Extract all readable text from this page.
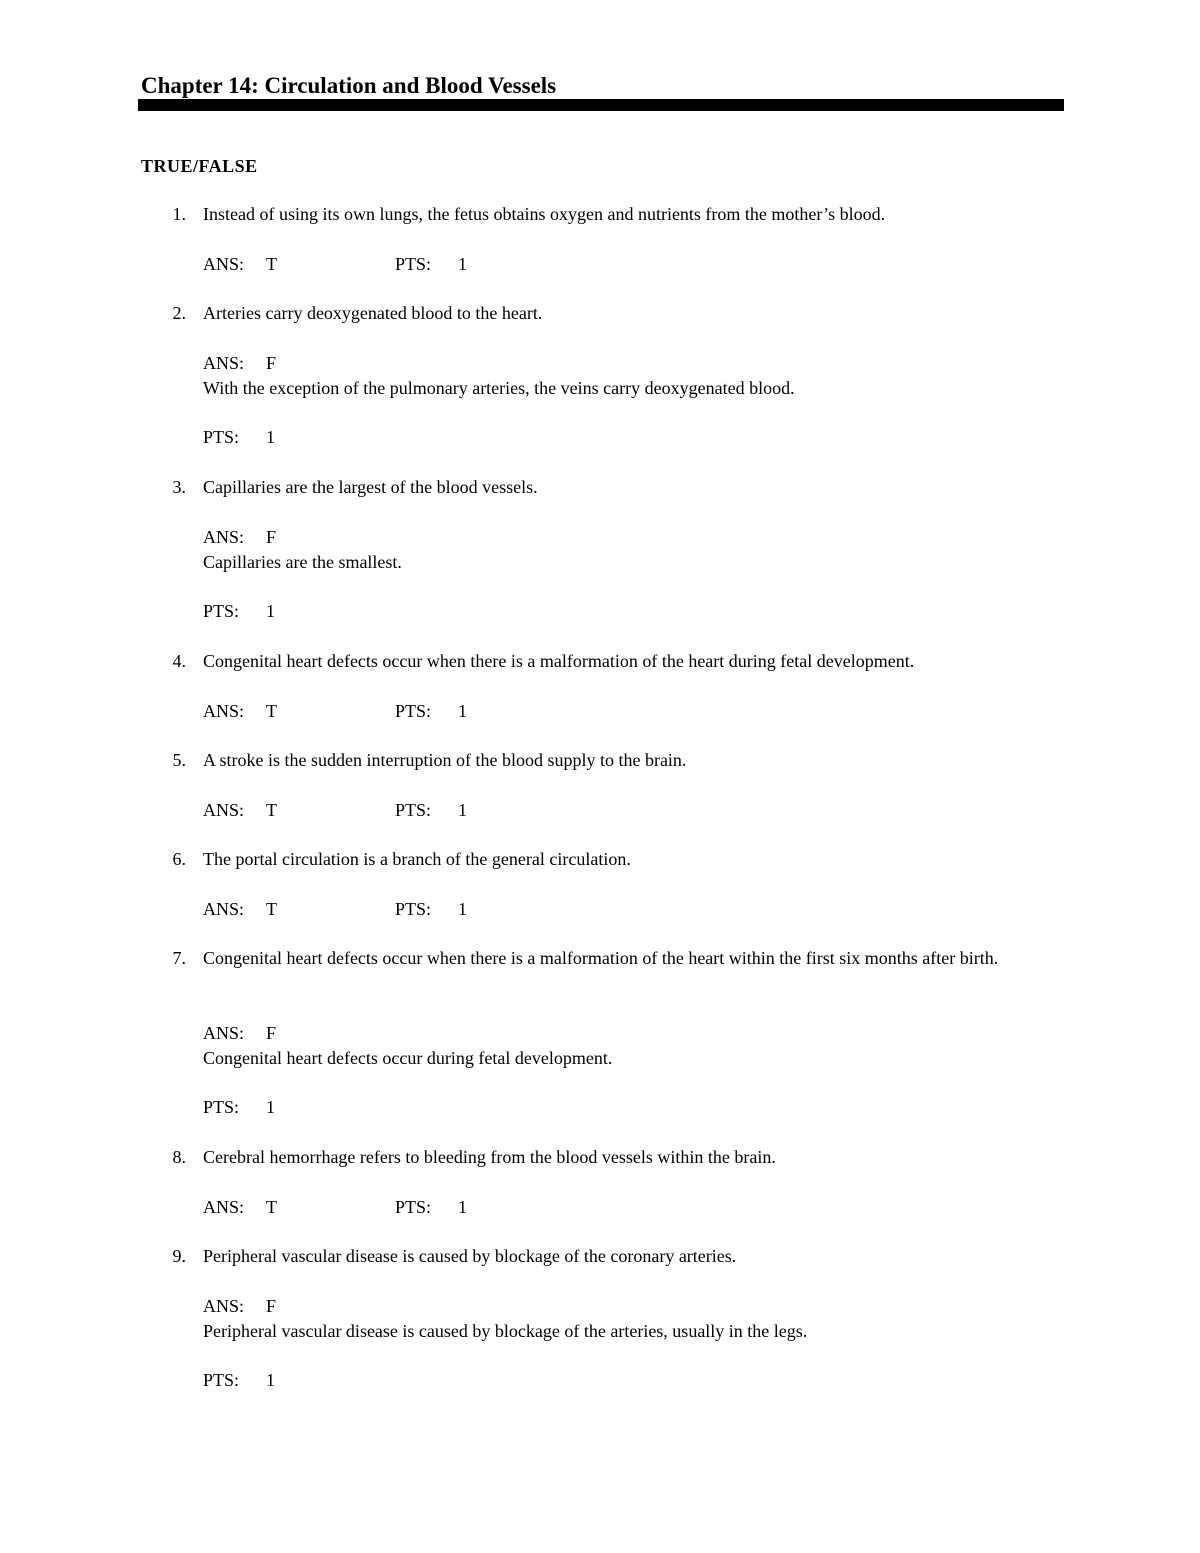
Chapter 14: Circulation and Blood Vessels
TRUE/FALSE
1. Instead of using its own lungs, the fetus obtains oxygen and nutrients from the mother’s blood.
ANS: T	PTS: 1
2. Arteries carry deoxygenated blood to the heart.
ANS: F
With the exception of the pulmonary arteries, the veins carry deoxygenated blood.
PTS: 1
3. Capillaries are the largest of the blood vessels.
ANS: F
Capillaries are the smallest.
PTS: 1
4. Congenital heart defects occur when there is a malformation of the heart during fetal development.
ANS: T	PTS: 1
5. A stroke is the sudden interruption of the blood supply to the brain.
ANS: T	PTS: 1
6. The portal circulation is a branch of the general circulation.
ANS: T	PTS: 1
7. Congenital heart defects occur when there is a malformation of the heart within the first six months after birth.
ANS: F
Congenital heart defects occur during fetal development.
PTS: 1
8. Cerebral hemorrhage refers to bleeding from the blood vessels within the brain.
ANS: T	PTS: 1
9. Peripheral vascular disease is caused by blockage of the coronary arteries.
ANS: F
Peripheral vascular disease is caused by blockage of the arteries, usually in the legs.
PTS: 1
